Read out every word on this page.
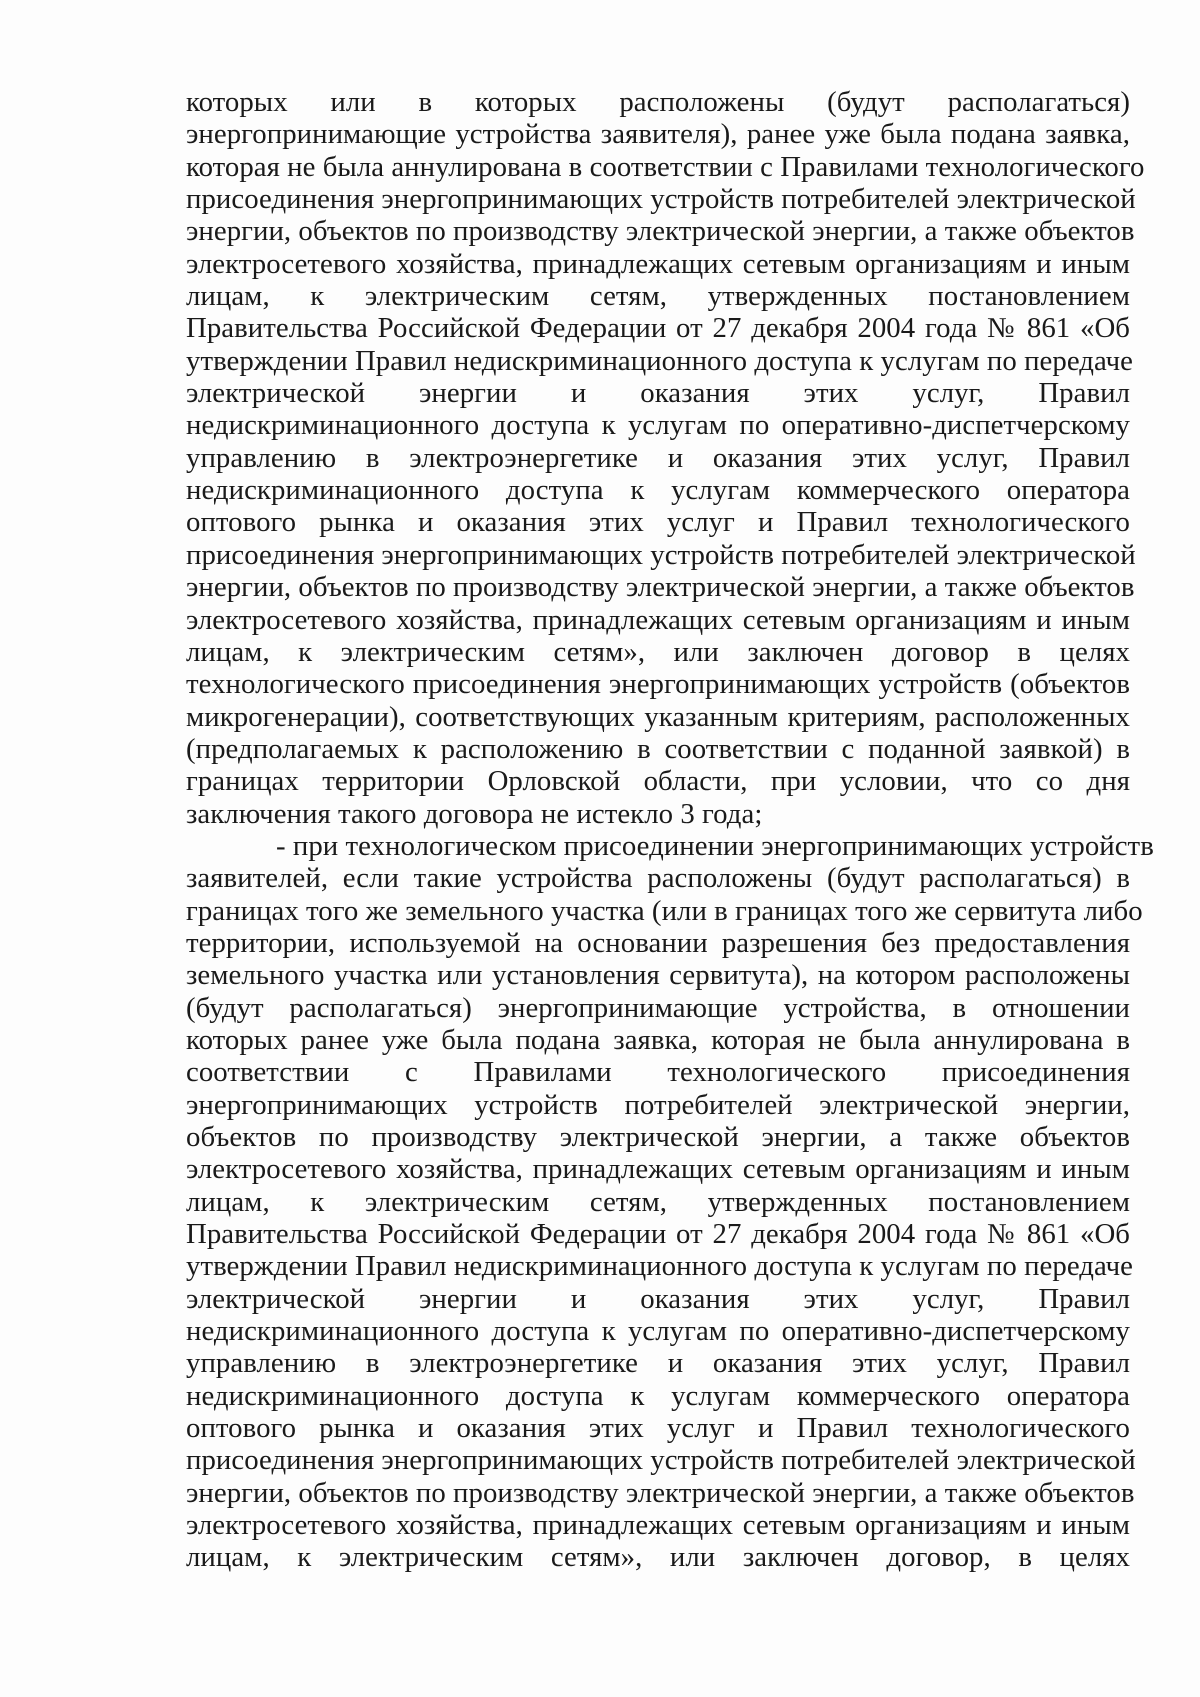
которых или в которых расположены (будут располагаться)
энергопринимающие устройства заявителя), ранее уже была подана заявка,
которая не была аннулирована в соответствии с Правилами технологического
присоединения энергопринимающих устройств потребителей электрической
энергии, объектов по производству электрической энергии, а также объектов
электросетевого хозяйства, принадлежащих сетевым организациям и иным
лицам, к электрическим сетям, утвержденных постановлением
Правительства Российской Федерации от 27 декабря 2004 года № 861 «Об
утверждении Правил недискриминационного доступа к услугам по передаче
электрической энергии и оказания этих услуг, Правил
недискриминационного доступа к услугам по оперативно-диспетчерскому
управлению в электроэнергетике и оказания этих услуг, Правил
недискриминационного доступа к услугам коммерческого оператора
оптового рынка и оказания этих услуг и Правил технологического
присоединения энергопринимающих устройств потребителей электрической
энергии, объектов по производству электрической энергии, а также объектов
электросетевого хозяйства, принадлежащих сетевым организациям и иным
лицам, к электрическим сетям», или заключен договор в целях
технологического присоединения энергопринимающих устройств (объектов
микрогенерации), соответствующих указанным критериям, расположенных
(предполагаемых к расположению в соответствии с поданной заявкой) в
границах территории Орловской области, при условии, что со дня
заключения такого договора не истекло 3 года;
- при технологическом присоединении энергопринимающих устройств
заявителей, если такие устройства расположены (будут располагаться) в
границах того же земельного участка (или в границах того же сервитута либо
территории, используемой на основании разрешения без предоставления
земельного участка или установления сервитута), на котором расположены
(будут располагаться) энергопринимающие устройства, в отношении
которых ранее уже была подана заявка, которая не была аннулирована в
соответствии с Правилами технологического присоединения
энергопринимающих устройств потребителей электрической энергии,
объектов по производству электрической энергии, а также объектов
электросетевого хозяйства, принадлежащих сетевым организациям и иным
лицам, к электрическим сетям, утвержденных постановлением
Правительства Российской Федерации от 27 декабря 2004 года № 861 «Об
утверждении Правил недискриминационного доступа к услугам по передаче
электрической энергии и оказания этих услуг, Правил
недискриминационного доступа к услугам по оперативно-диспетчерскому
управлению в электроэнергетике и оказания этих услуг, Правил
недискриминационного доступа к услугам коммерческого оператора
оптового рынка и оказания этих услуг и Правил технологического
присоединения энергопринимающих устройств потребителей электрической
энергии, объектов по производству электрической энергии, а также объектов
электросетевого хозяйства, принадлежащих сетевым организациям и иным
лицам, к электрическим сетям», или заключен договор, в целях
